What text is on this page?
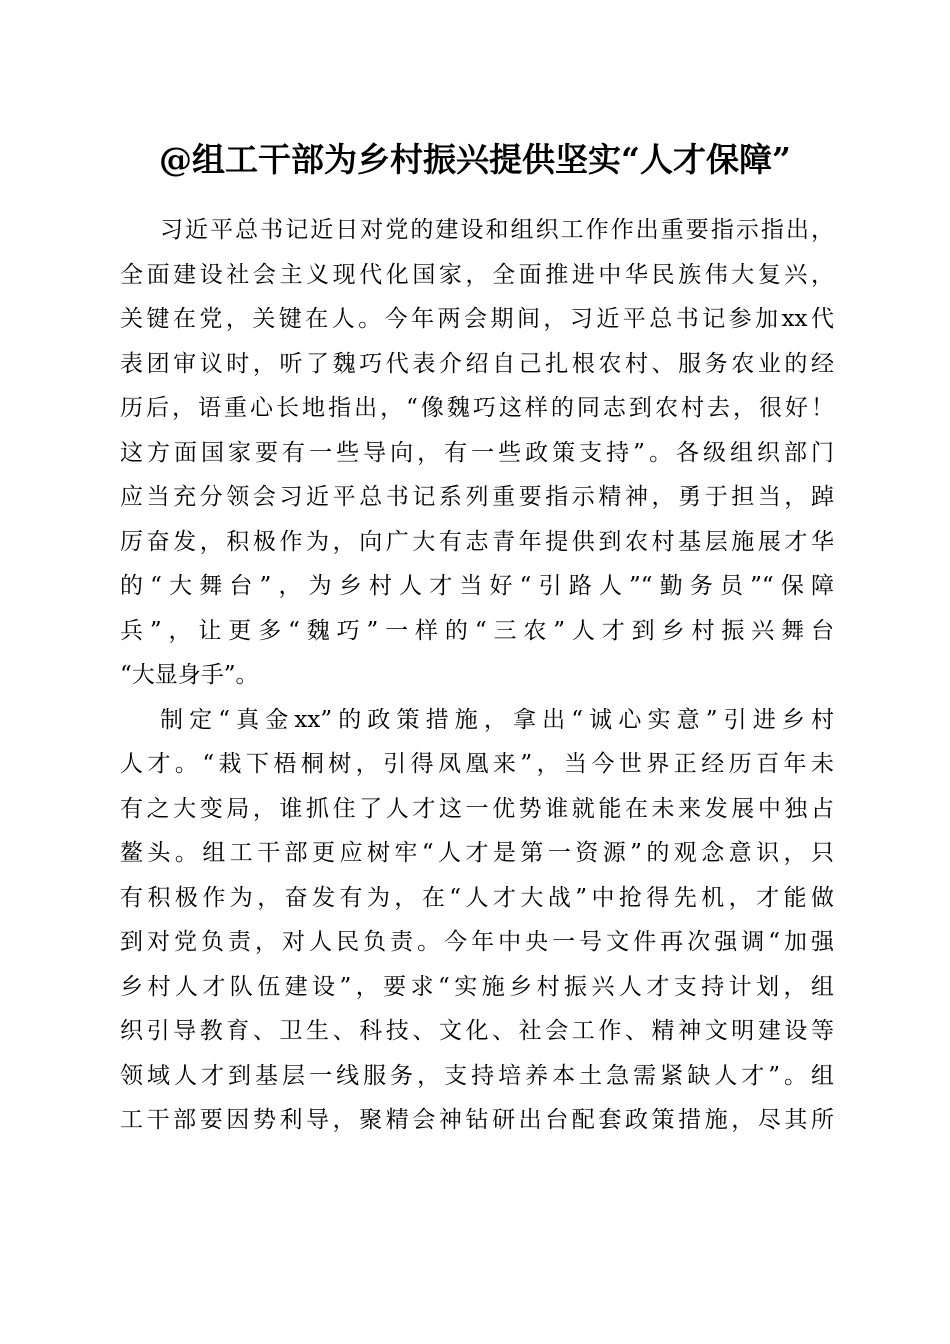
@组工干部为乡村振兴提供坚实“人才保障”
习近平总书记近日对党的建设和组织工作作出重要指示指出，
全面建设社会主义现代化国家，全面推进中华民族伟大复兴，
关键在党，关键在人。今年两会期间，习近平总书记参加xx代
表团审议时，听了魏巧代表介绍自己扎根农村、服务农业的经
历后，语重心长地指出，“像魏巧这样的同志到农村去，很好！
这方面国家要有一些导向，有一些政策支持”。各级组织部门
应当充分领会习近平总书记系列重要指示精神，勇于担当，踔
厉奋发，积极作为，向广大有志青年提供到农村基层施展才华
的“大舞台”，为乡村人才当好“引路人”“勤务员”“保障
兵”，让更多“魏巧”一样的“三农”人才到乡村振兴舞台
“大显身手”。
制定“真金xx”的政策措施，拿出“诚心实意”引进乡村
人才。“栽下梧桐树，引得凤凰来”，当今世界正经历百年未
有之大变局，谁抓住了人才这一优势谁就能在未来发展中独占
鳌头。组工干部更应树牢“人才是第一资源”的观念意识，只
有积极作为，奋发有为，在“人才大战”中抢得先机，才能做
到对党负责，对人民负责。今年中央一号文件再次强调“加强
乡村人才队伍建设”，要求“实施乡村振兴人才支持计划，组
织引导教育、卫生、科技、文化、社会工作、精神文明建设等
领域人才到基层一线服务，支持培养本土急需紧缺人才”。组
工干部要因势利导，聚精会神钻研出台配套政策措施，尽其所
